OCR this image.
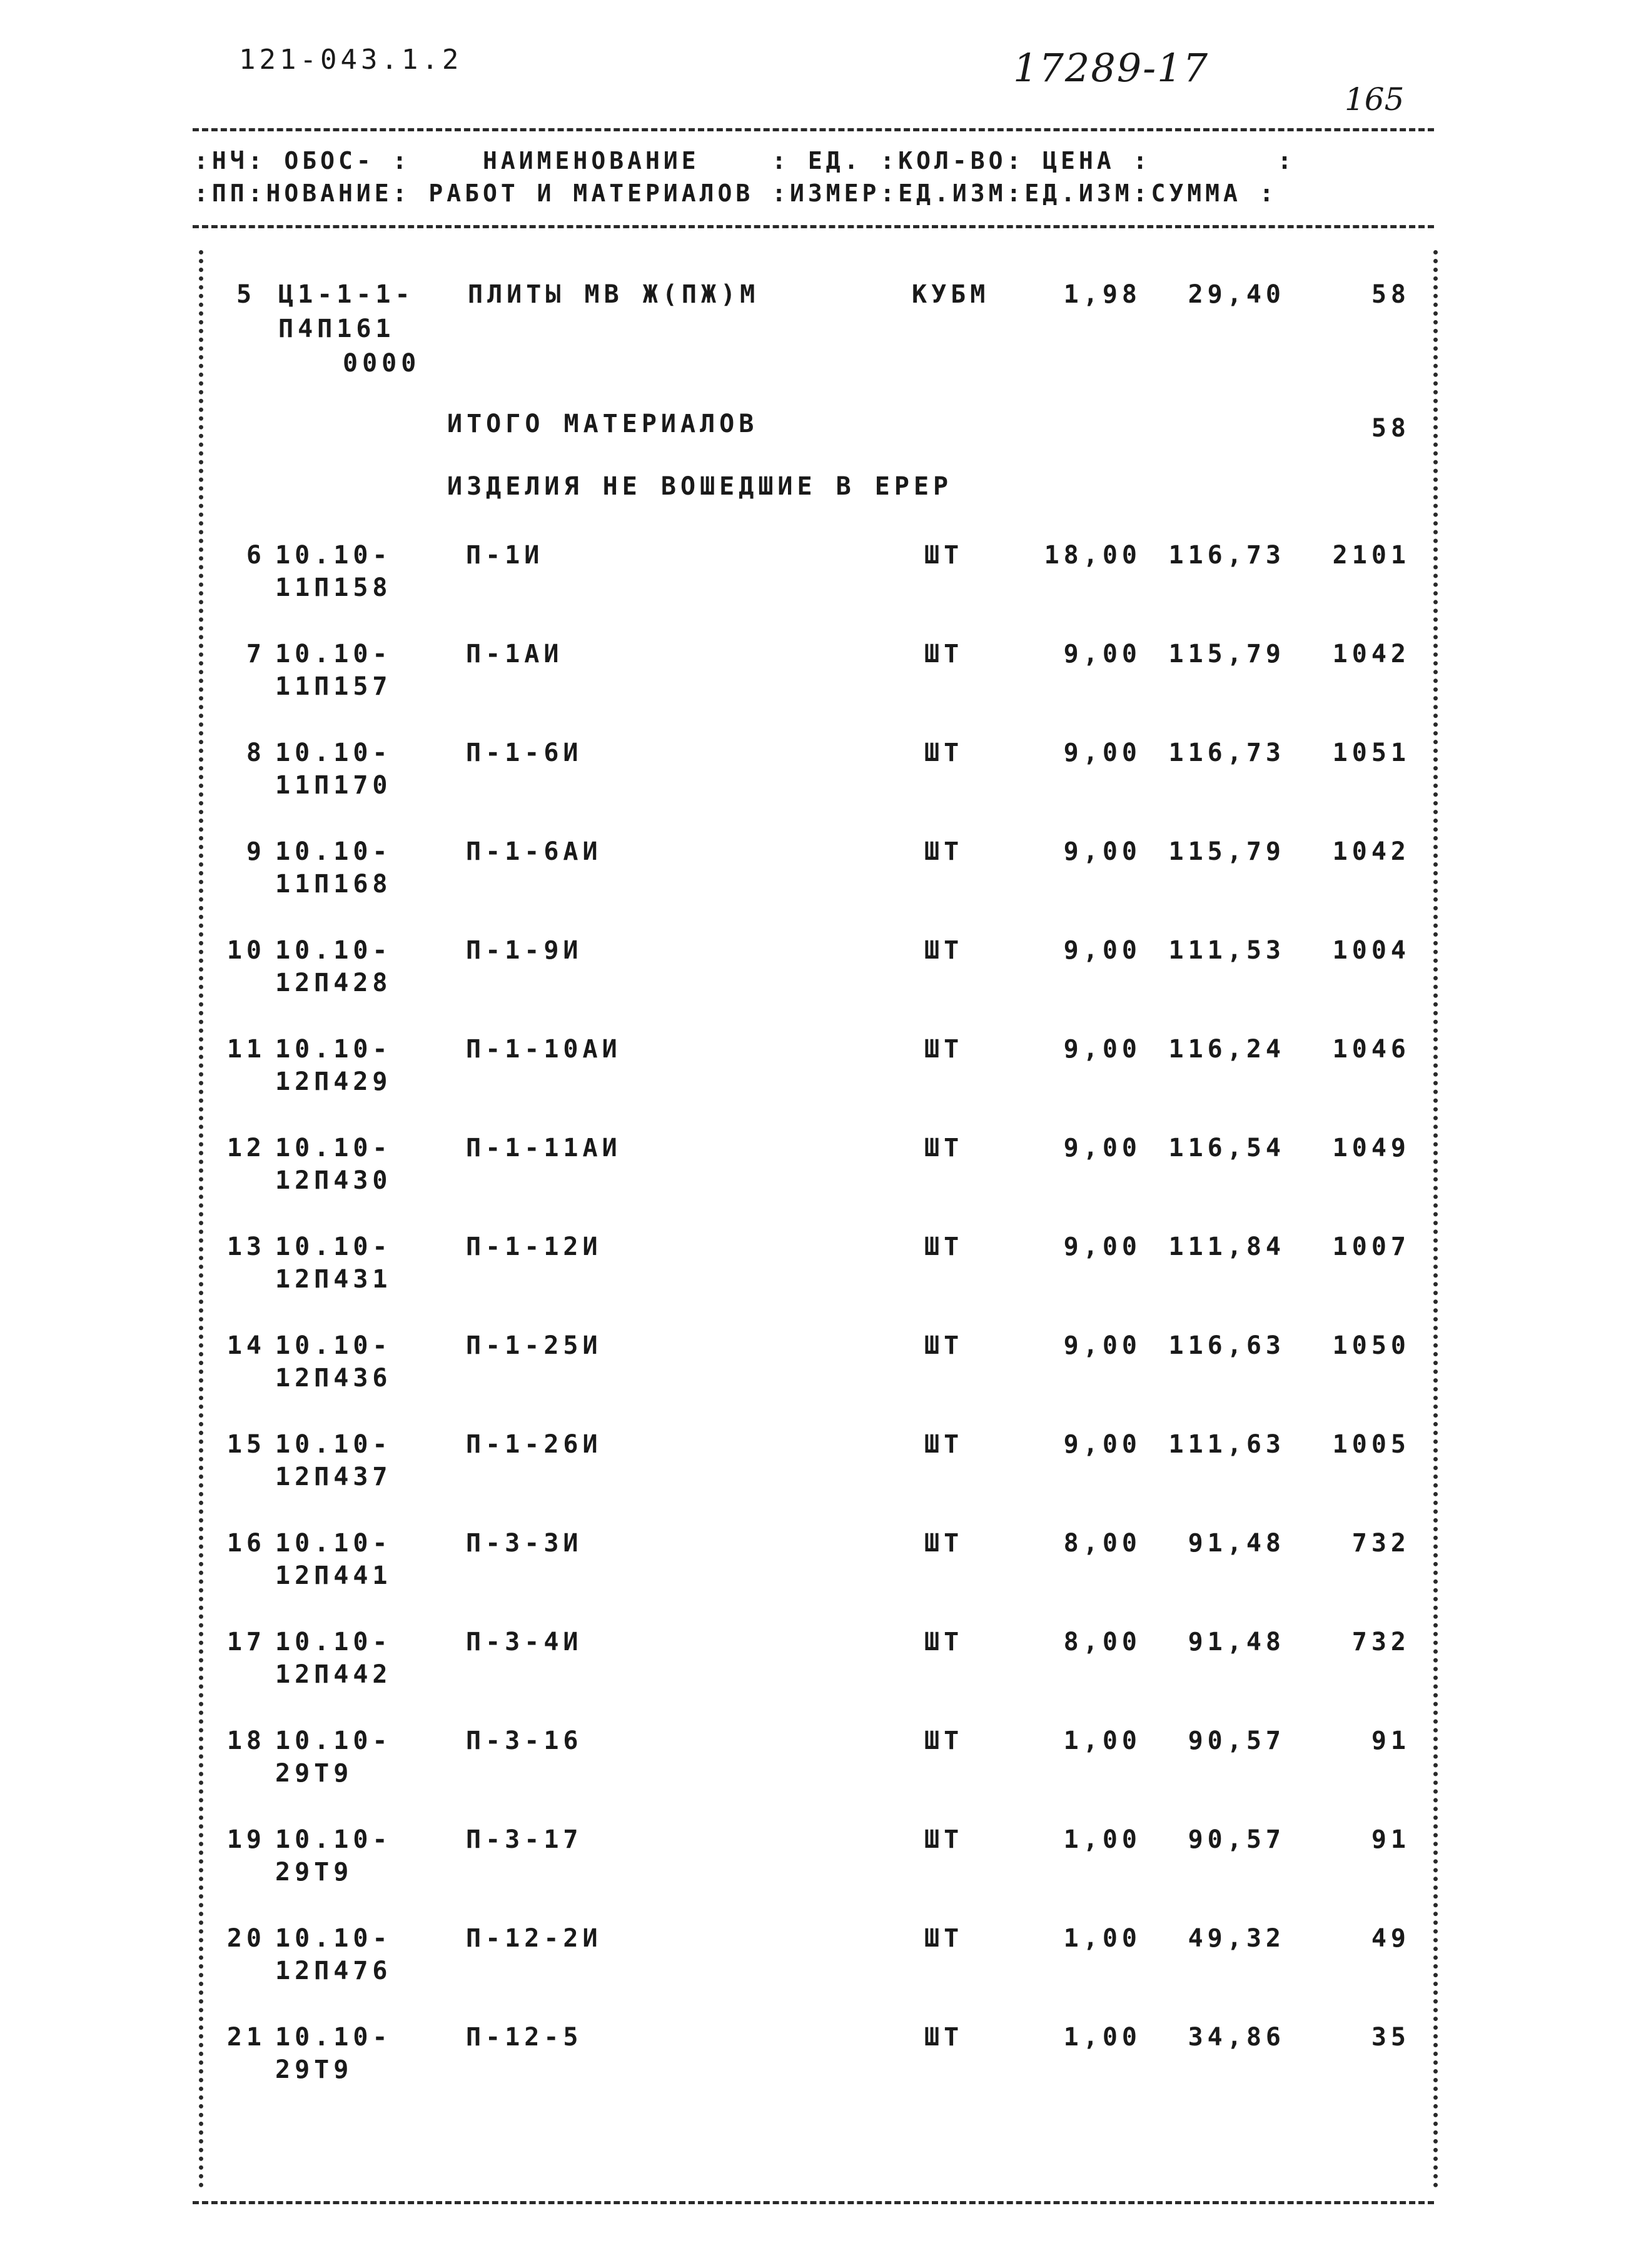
121-043.1.2	17289-17
165
:НЧ: ОБОС- :    НАИМЕНОВАНИЕ    : ЕД. :КОЛ-ВО: ЦЕНА :       :
:ПП:НОВАНИЕ: РАБОТ И МАТЕРИАЛОВ :ИЗМЕР:ЕД.ИЗМ:ЕД.ИЗМ:СУММА :
5 Ц1-1-1-
П4П161
0000
ПЛИТЫ МВ Ж(ПЖ)М	КУБМ	1,98	29,40	58
ИТОГО МАТЕРИАЛОВ	58
ИЗДЕЛИЯ НЕ ВОШЕДШИЕ В ЕРЕР
6 10.10-	П-1И	ШТ	18,00	116,73	2101
11П158
7 10.10-	П-1АИ	ШТ	9,00	115,79	1042
11П157
8 10.10-	П-1-6И	ШТ	9,00	116,73	1051
11П170
9 10.10-	П-1-6АИ	ШТ	9,00	115,79	1042
11П168
10 10.10-	П-1-9И	ШТ	9,00	111,53	1004
12П428
11 10.10-	П-1-10АИ	ШТ	9,00	116,24	1046
12П429
12 10.10-	П-1-11АИ	ШТ	9,00	116,54	1049
12П430
13 10.10-	П-1-12И	ШТ	9,00	111,84	1007
12П431
14 10.10-	П-1-25И	ШТ	9,00	116,63	1050
12П436
15 10.10-	П-1-26И	ШТ	9,00	111,63	1005
12П437
16 10.10-	П-3-3И	ШТ	8,00	91,48	732
12П441
17 10.10-	П-3-4И	ШТ	8,00	91,48	732
12П442
18 10.10-	П-3-16	ШТ	1,00	90,57	91
29Т9
19 10.10-	П-3-17	ШТ	1,00	90,57	91
29Т9
20 10.10-	П-12-2И	ШТ	1,00	49,32	49
12П476
21 10.10-	П-12-5	ШТ	1,00	34,86	35
29Т9
